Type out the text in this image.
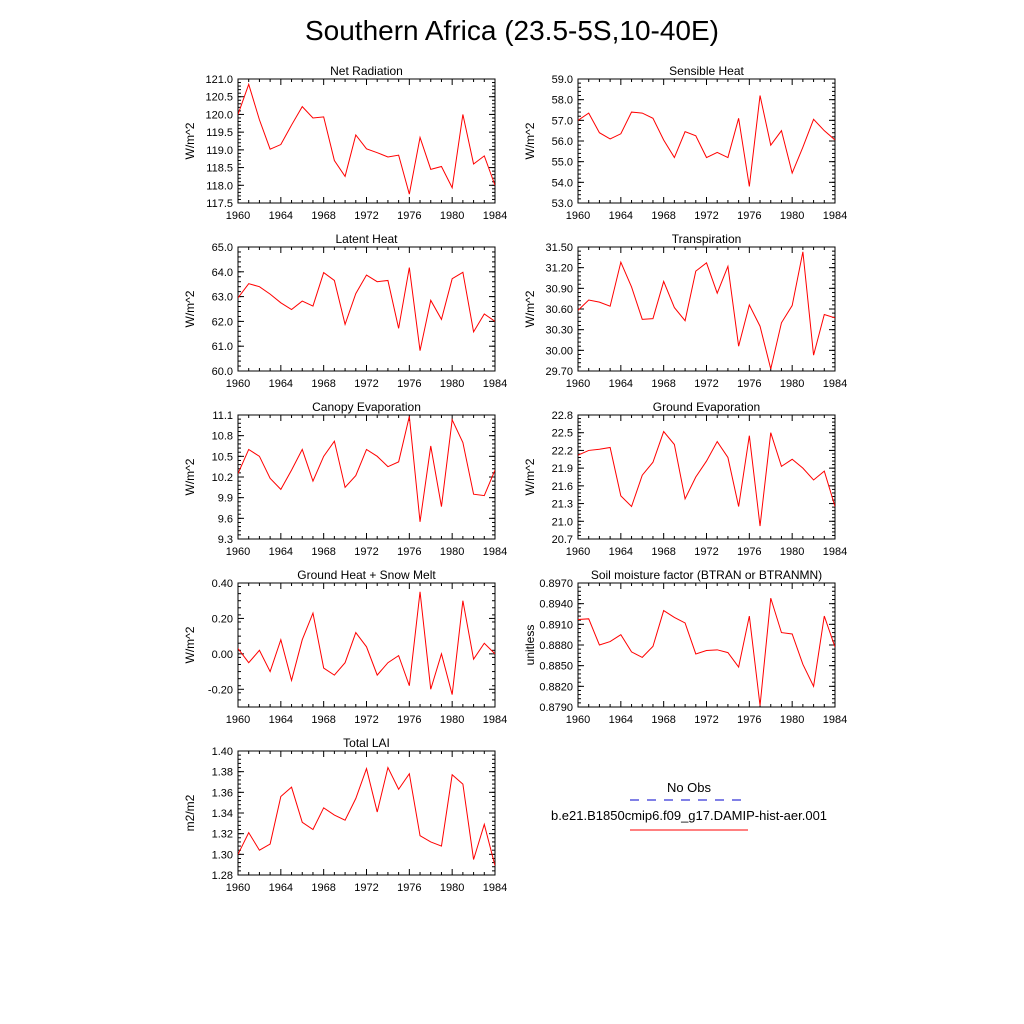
Southern Africa (23.5-5S,10-40E)
Net Radiation
W/m^2
1960 1964 1968 1972 1976 1980 1984
117.5
118.0
118.5
119.0
119.5
120.0
120.5
121.0
Sensible Heat
W/m^2
1960 1964 1968 1972 1976 1980 1984
53.0
54.0
55.0
56.0
57.0
58.0
59.0
Latent Heat
W/m^2
1960 1964 1968 1972 1976 1980 1984
60.0
61.0
62.0
63.0
64.0
65.0
Transpiration
W/m^2
1960 1964 1968 1972 1976 1980 1984
29.70
30.00
30.30
30.60
30.90
31.20
31.50
Canopy Evaporation
W/m^2
1960 1964 1968 1972 1976 1980 1984
9.3
9.6
9.9
10.2
10.5
10.8
11.1
Ground Evaporation
W/m^2
1960 1964 1968 1972 1976 1980 1984
20.7
21.0
21.3
21.6
21.9
22.2
22.5
22.8
Ground Heat + Snow Melt
W/m^2
1960 1964 1968 1972 1976 1980 1984
-0.20
0.00
0.20
0.40
Soil moisture factor (BTRAN or BTRANMN)
unitless
1960 1964 1968 1972 1976 1980 1984
0.8790
0.8820
0.8850
0.8880
0.8910
0.8940
0.8970
Total LAI
m2/m2
1960 1964 1968 1972 1976 1980 1984
1.28
1.30
1.32
1.34
1.36
1.38
1.40
No Obs
b.e21.B1850cmip6.f09_g17.DAMIP-hist-aer.001
